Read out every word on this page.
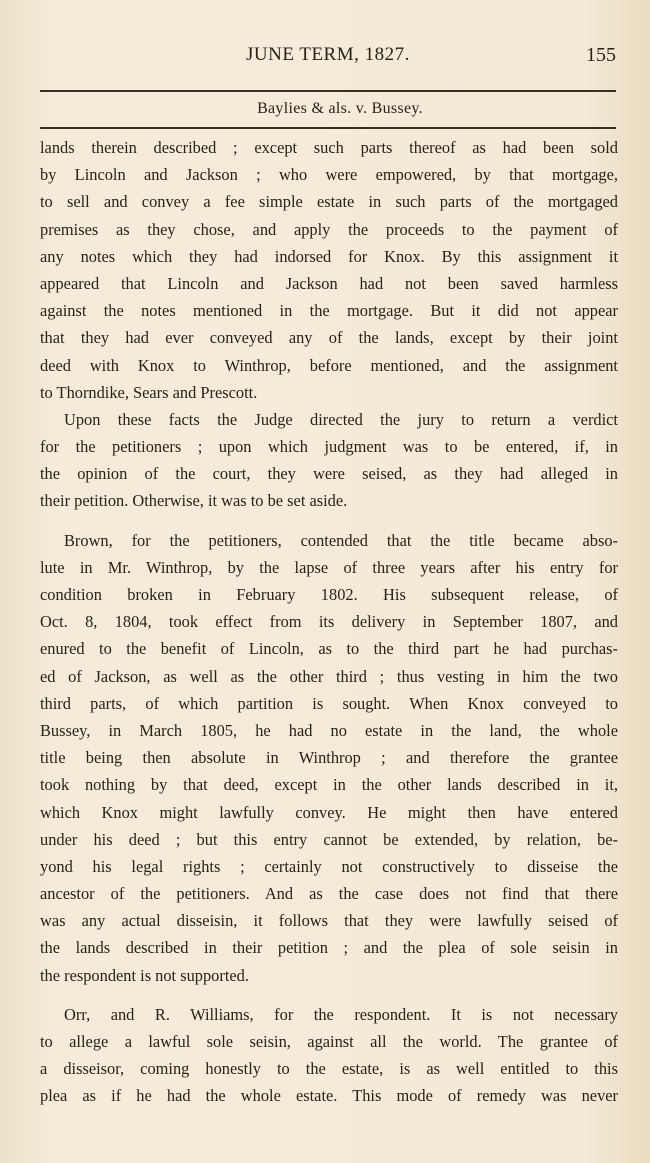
JUNE TERM, 1827.	155
Baylies & als. v. Bussey.
lands therein described ; except such parts thereof as had been sold
by Lincoln and Jackson ; who were empowered, by that mortgage,
to sell and convey a fee simple estate in such parts of the mortgaged
premises as they chose, and apply the proceeds to the payment of
any notes which they had indorsed for Knox. By this assignment it
appeared that Lincoln and Jackson had not been saved harmless
against the notes mentioned in the mortgage. But it did not appear
that they had ever conveyed any of the lands, except by their joint
deed with Knox to Winthrop, before mentioned, and the assignment
to Thorndike, Sears and Prescott.
Upon these facts the Judge directed the jury to return a verdict
for the petitioners ; upon which judgment was to be entered, if, in
the opinion of the court, they were seised, as they had alleged in
their petition. Otherwise, it was to be set aside.
Brown, for the petitioners, contended that the title became abso-
lute in Mr. Winthrop, by the lapse of three years after his entry for
condition broken in February 1802. His subsequent release, of
Oct. 8, 1804, took effect from its delivery in September 1807, and
enured to the benefit of Lincoln, as to the third part he had purchas-
ed of Jackson, as well as the other third ; thus vesting in him the two
third parts, of which partition is sought. When Knox conveyed to
Bussey, in March 1805, he had no estate in the land, the whole
title being then absolute in Winthrop ; and therefore the grantee
took nothing by that deed, except in the other lands described in it,
which Knox might lawfully convey. He might then have entered
under his deed ; but this entry cannot be extended, by relation, be-
yond his legal rights ; certainly not constructively to disseise the
ancestor of the petitioners. And as the case does not find that there
was any actual disseisin, it follows that they were lawfully seised of
the lands described in their petition ; and the plea of sole seisin in
the respondent is not supported.
Orr, and R. Williams, for the respondent. It is not necessary
to allege a lawful sole seisin, against all the world. The grantee of
a disseisor, coming honestly to the estate, is as well entitled to this
plea as if he had the whole estate. This mode of remedy was never
